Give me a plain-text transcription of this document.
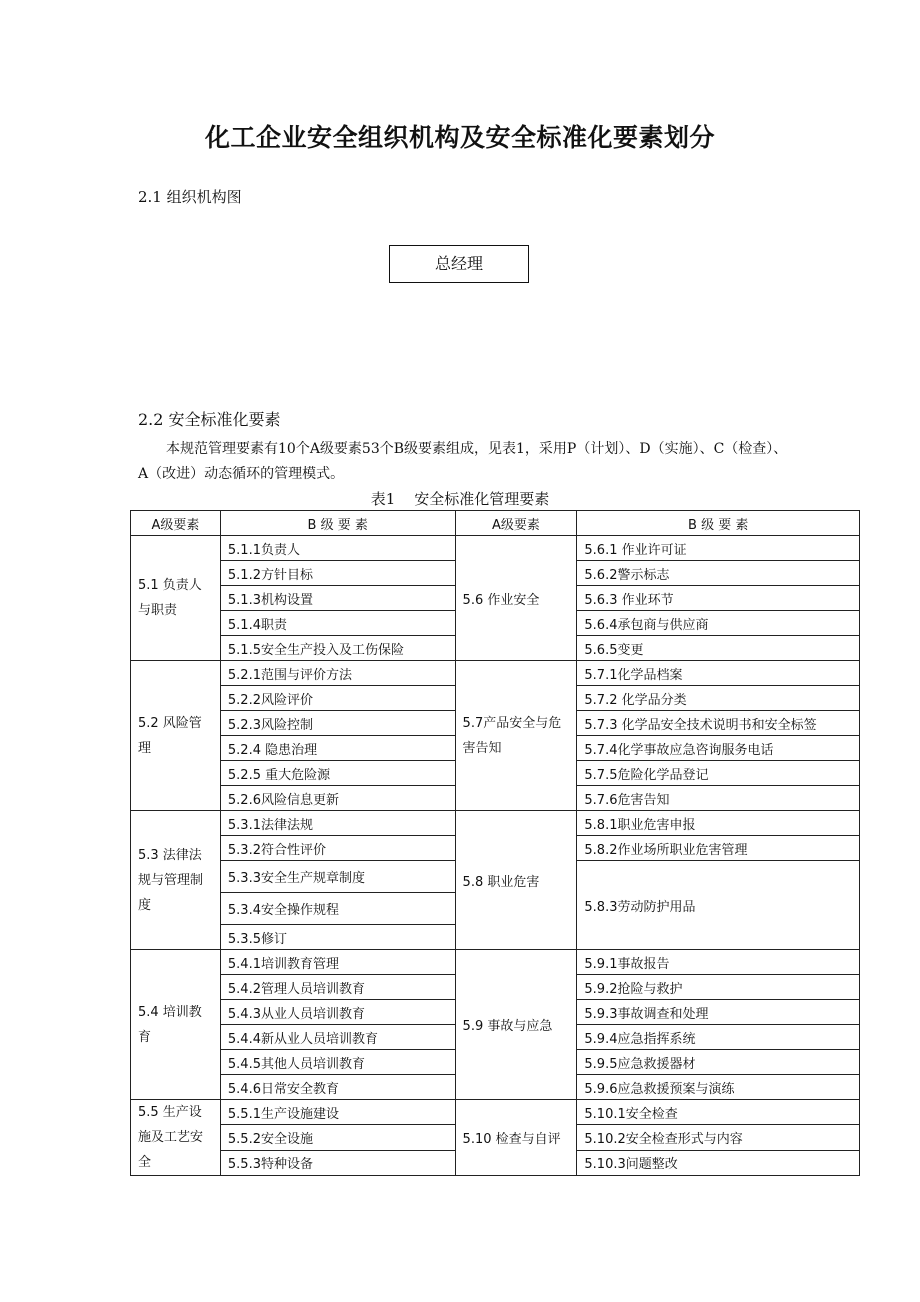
化工企业安全组织机构及安全标准化要素划分
2.1 组织机构图
总经理
2.2 安全标准化要素
本规范管理要素有10个A级要素53个B级要素组成，见表1，采用P（计划）、D（实施）、C（检查）、A（改进）动态循环的管理模式。
表1    安全标准化管理要素
A级要素	B 级 要 素	A级要素	B 级 要 素
5.1 负责人与职责	5.1.1负责人	5.6 作业安全	5.6.1 作业许可证
	5.1.2方针目标		5.6.2警示标志
	5.1.3机构设置		5.6.3 作业环节
	5.1.4职责		5.6.4承包商与供应商
	5.1.5安全生产投入及工伤保险		5.6.5变更
5.2 风险管理	5.2.1范围与评价方法	5.7产品安全与危害告知	5.7.1化学品档案
	5.2.2风险评价		5.7.2 化学品分类
	5.2.3风险控制		5.7.3 化学品安全技术说明书和安全标签
	5.2.4 隐患治理		5.7.4化学事故应急咨询服务电话
	5.2.5 重大危险源		5.7.5危险化学品登记
	5.2.6风险信息更新		5.7.6危害告知
5.3 法律法规与管理制度	5.3.1法律法规	5.8 职业危害	5.8.1职业危害申报
	5.3.2符合性评价		5.8.2作业场所职业危害管理
	5.3.3安全生产规章制度		5.8.3劳动防护用品
	5.3.4安全操作规程		
	5.3.5修订		
5.4 培训教育	5.4.1培训教育管理	5.9 事故与应急	5.9.1事故报告
	5.4.2管理人员培训教育		5.9.2抢险与救护
	5.4.3从业人员培训教育		5.9.3事故调查和处理
	5.4.4新从业人员培训教育		5.9.4应急指挥系统
	5.4.5其他人员培训教育		5.9.5应急救援器材
	5.4.6日常安全教育		5.9.6应急救援预案与演练
5.5 生产设施及工艺安全	5.5.1生产设施建设	5.10 检查与自评	5.10.1安全检查
	5.5.2安全设施		5.10.2安全检查形式与内容
	5.5.3特种设备		5.10.3问题整改
